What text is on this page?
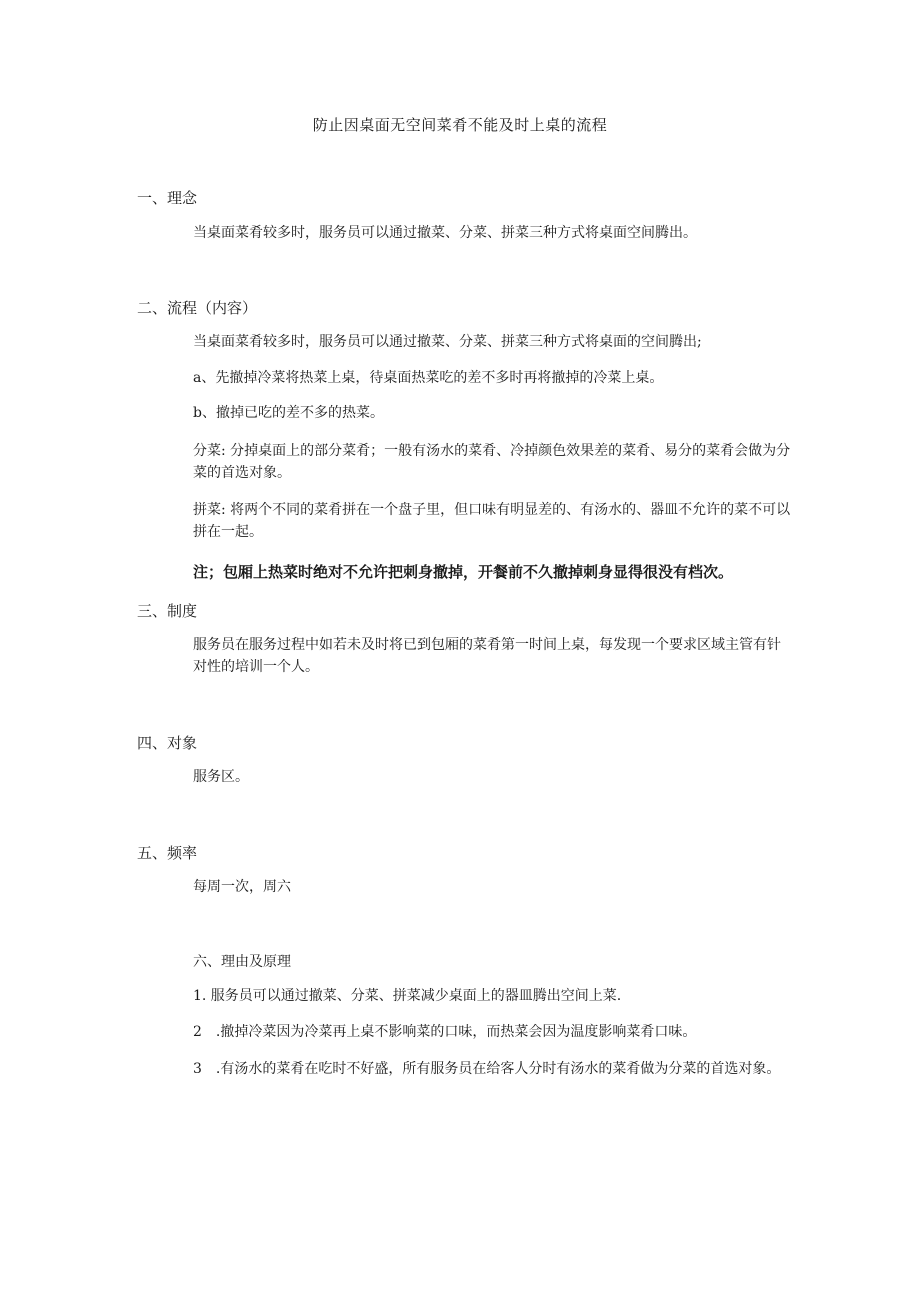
防止因桌面无空间菜肴不能及时上桌的流程
一、理念

当桌面菜肴较多时，服务员可以通过撤菜、分菜、拼菜三种方式将桌面空间腾出。

二、流程（内容）

当桌面菜肴较多时，服务员可以通过撤菜、分菜、拼菜三种方式将桌面的空间腾出;

a、先撤掉冷菜将热菜上桌，待桌面热菜吃的差不多时再将撤掉的冷菜上桌。

b、撤掉已吃的差不多的热菜。

分菜: 分掉桌面上的部分菜肴；一般有汤水的菜肴、冷掉颜色效果差的菜肴、易分的菜肴会做为分菜的首选对象。

拼菜: 将两个不同的菜肴拼在一个盘子里，但口味有明显差的、有汤水的、器皿不允许的菜不可以拼在一起。

注；包厢上热菜时绝对不允许把刺身撤掉，开餐前不久撤掉刺身显得很没有档次。

三、制度

服务员在服务过程中如若未及时将已到包厢的菜肴第一时间上桌，每发现一个要求区域主管有针对性的培训一个人。

四、对象

服务区。

五、频率

每周一次，周六

六、理由及原理

1. 服务员可以通过撤菜、分菜、拼菜减少桌面上的器皿腾出空间上菜.

2　.撤掉冷菜因为冷菜再上桌不影响菜的口味，而热菜会因为温度影响菜肴口味。

3　.有汤水的菜肴在吃时不好盛，所有服务员在给客人分时有汤水的菜肴做为分菜的首选对象。
